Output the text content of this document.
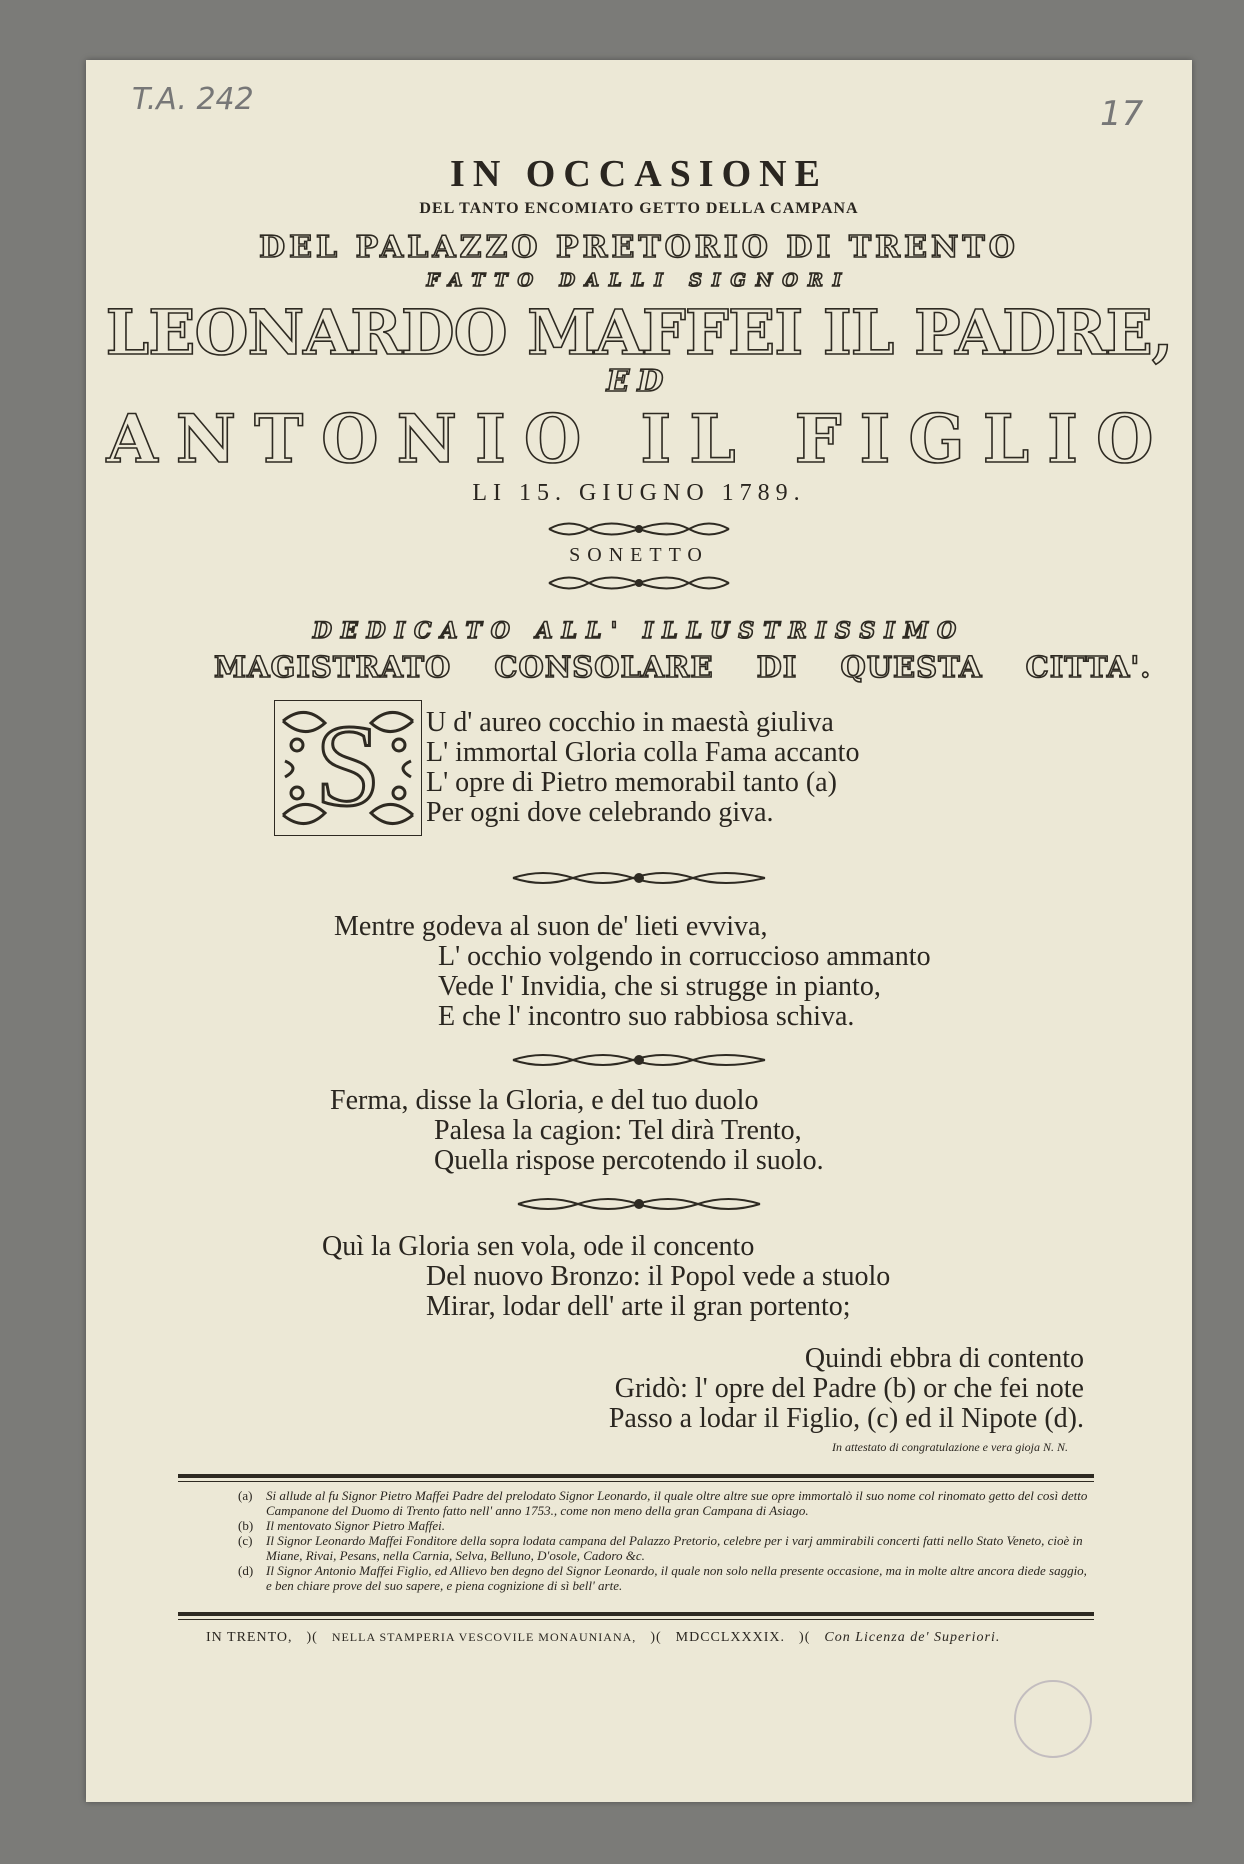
T.A. 242	17
IN OCCASIONE
DEL TANTO ENCOMIATO GETTO DELLA CAMPANA
DEL PALAZZO PRETORIO DI TRENTO
FATTO DALLI SIGNORI
LEONARDO MAFFEI IL PADRE,
ED
ANTONIO IL FIGLIO
LI 15. GIUGNO 1789.
SONETTO
DEDICATO ALL' ILLUSTRISSIMO
MAGISTRATO CONSOLARE DI QUESTA CITTA'.
S	U d' aureo cocchio in maestà giuliva
L' immortal Gloria colla Fama accanto
L' opre di Pietro memorabil tanto (a)
Per ogni dove celebrando giva.
Mentre godeva al suon de' lieti evviva,
L' occhio volgendo in corruccioso ammanto
Vede l' Invidia, che si strugge in pianto,
E che l' incontro suo rabbiosa schiva.
Ferma, disse la Gloria, e del tuo duolo
Palesa la cagion: Tel dirà Trento,
Quella rispose percotendo il suolo.
Quì la Gloria sen vola, ode il concento
Del nuovo Bronzo: il Popol vede a stuolo
Mirar, lodar dell' arte il gran portento;
Quindi ebbra di contento
Gridò: l' opre del Padre (b) or che fei note
Passo a lodar il Figlio, (c) ed il Nipote (d).
In attestato di congratulazione e vera gioja N. N.
(a)	Si allude al fu Signor Pietro Maffei Padre del prelodato Signor Leonardo, il quale oltre altre sue opre immortalò il suo nome col rinomato getto del così detto Campanone del Duomo di Trento fatto nell' anno 1753., come non meno della gran Campana di Asiago.
(b) Il mentovato Signor Pietro Maffei.
(c)	Il Signor Leonardo Maffei Fonditore della sopra lodata campana del Palazzo Pretorio, celebre per i varj ammirabili concerti fatti nello Stato Veneto, cioè in Miane, Rivai, Pesans, nella Carnia, Selva, Belluno, D'osole, Cadoro &c.
(d) Il Signor Antonio Maffei Figlio, ed Allievo ben degno del Signor Leonardo, il quale non solo nella presente occasione, ma in molte altre ancora diede saggio, e ben chiare prove del suo sapere, e piena cognizione di sì bell' arte.
IN TRENTO, )( NELLA STAMPERIA VESCOVILE MONAUNIANA, )( MDCCLXXXIX. )( Con Licenza de' Superiori.
